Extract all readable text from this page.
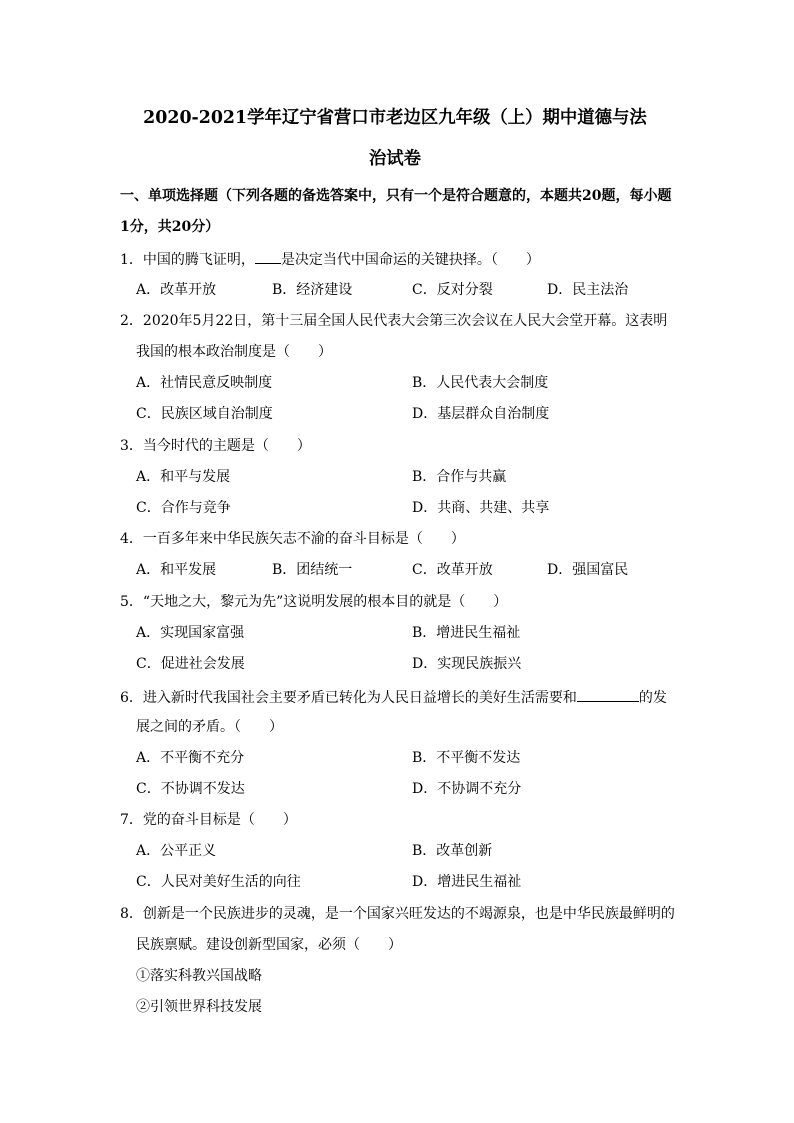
2020-2021学年辽宁省营口市老边区九年级（上）期中道德与法
治试卷
一、单项选择题（下列各题的备选答案中，只有一个是符合题意的，本题共20题，每小题
1分，共20分）
1．中国的腾飞证明， 是决定当代中国命运的关键抉择。（　　）
A．改革开放	B．经济建设	C．反对分裂	D．民主法治
2．2020年5月22日，第十三届全国人民代表大会第三次会议在人民大会堂开幕。这表明
我国的根本政治制度是（　　）
A．社情民意反映制度	B．人民代表大会制度
C．民族区域自治制度	D．基层群众自治制度
3．当今时代的主题是（　　）
A．和平与发展	B．合作与共赢
C．合作与竞争	D．共商、共建、共享
4．一百多年来中华民族矢志不渝的奋斗目标是（　　）
A．和平发展	B．团结统一	C．改革开放	D．强国富民
5．“天地之大，黎元为先”这说明发展的根本目的就是（　　）
A．实现国家富强	B．增进民生福祉
C．促进社会发展	D．实现民族振兴
6．进入新时代我国社会主要矛盾已转化为人民日益增长的美好生活需要和	的发
展之间的矛盾。（　　）
A．不平衡不充分	B．不平衡不发达
C．不协调不发达	D．不协调不充分
7．党的奋斗目标是（　　）
A．公平正义	B．改革创新
C．人民对美好生活的向往	D．增进民生福祉
8．创新是一个民族进步的灵魂，是一个国家兴旺发达的不竭源泉，也是中华民族最鲜明的
民族禀赋。建设创新型国家，必须（　　）
①落实科教兴国战略
②引领世界科技发展
